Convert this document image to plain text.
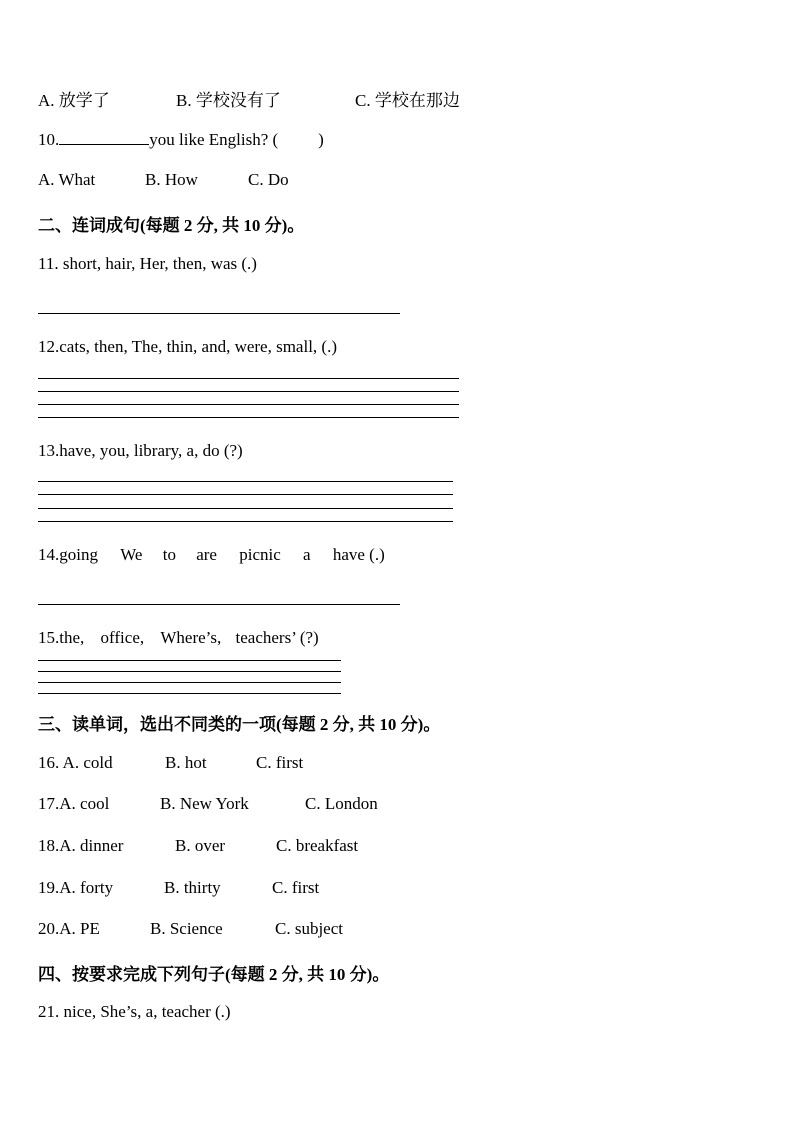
A. 放学了	B. 学校没有了	C. 学校在那边
10.	you like English? ( )
A. What	B. How	C. Do
二、连词成句(每题 2 分, 共 10 分)。
11. short, hair, Her, then, was (.)
12.cats, then, The, thin, and, were, small, (.)
13.have, you, library, a, do (?)
14.going We to are picnic a have (.)
15.the, office, Where’s, teachers’ (?)
三、读单词，选出不同类的一项(每题 2 分, 共 10 分)。
16. A. cold	B. hot	C. first
17.A. cool	B. New York	C. London
18.A. dinner	B. over	C. breakfast
19.A. forty	B. thirty	C. first
20.A. PE	B. Science	C. subject
四、按要求完成下列句子(每题 2 分, 共 10 分)。
21. nice, She’s, a, teacher (.)
